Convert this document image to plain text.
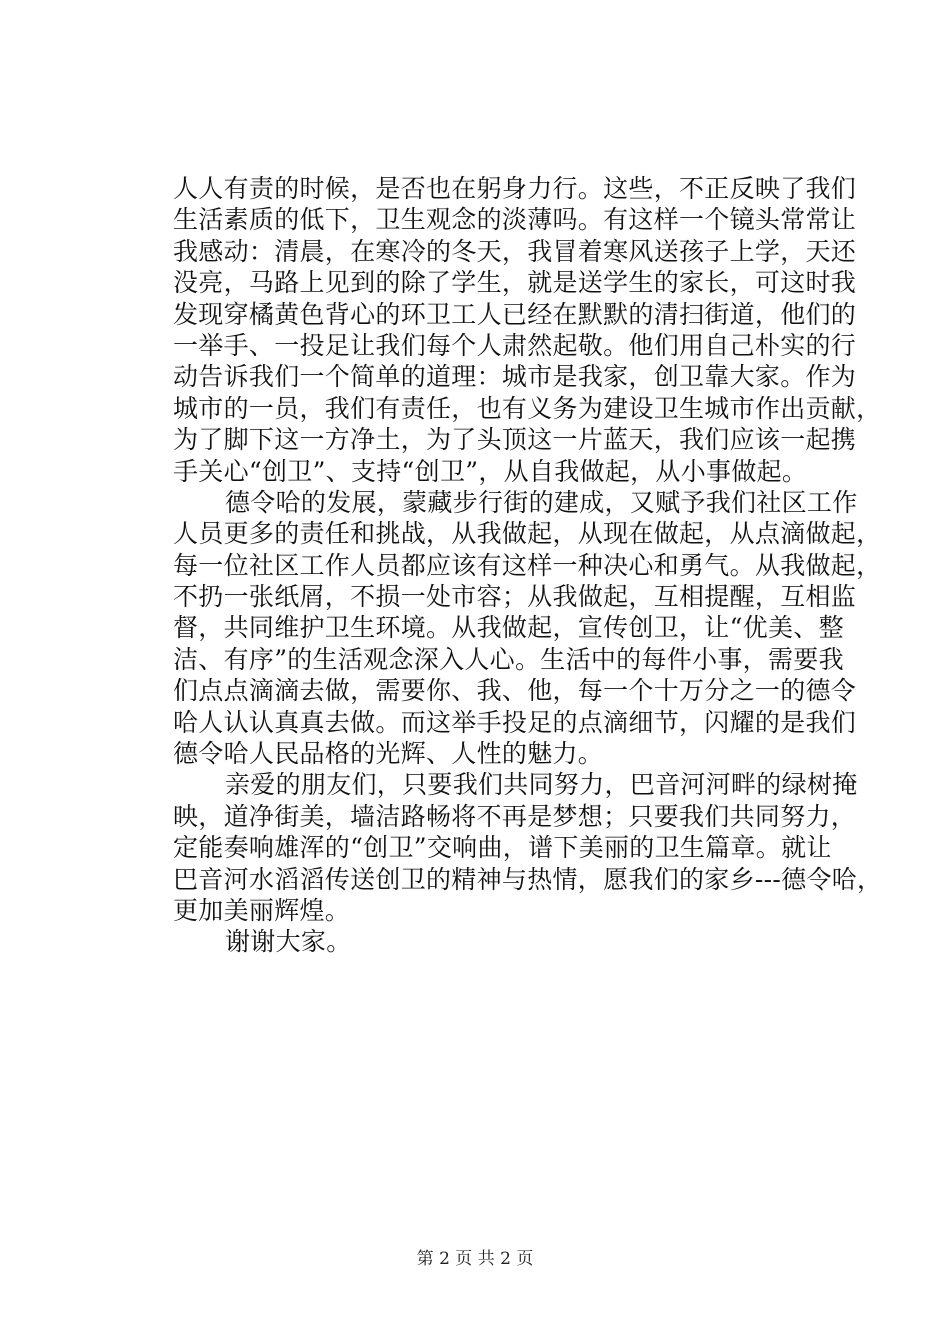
人人有责的时候，是否也在躬身力行。这些，不正反映了我们
生活素质的低下，卫生观念的淡薄吗。有这样一个镜头常常让
我感动：清晨，在寒冷的冬天，我冒着寒风送孩子上学，天还
没亮，马路上见到的除了学生，就是送学生的家长，可这时我
发现穿橘黄色背心的环卫工人已经在默默的清扫街道，他们的
一举手、一投足让我们每个人肃然起敬。他们用自己朴实的行
动告诉我们一个简单的道理：城市是我家，创卫靠大家。作为
城市的一员，我们有责任，也有义务为建设卫生城市作出贡献，
为了脚下这一方净土，为了头顶这一片蓝天，我们应该一起携
手关心“创卫”、支持“创卫”，从自我做起，从小事做起。
德令哈的发展，蒙藏步行街的建成，又赋予我们社区工作
人员更多的责任和挑战，从我做起，从现在做起，从点滴做起，
每一位社区工作人员都应该有这样一种决心和勇气。从我做起，
不扔一张纸屑，不损一处市容；从我做起，互相提醒，互相监
督，共同维护卫生环境。从我做起，宣传创卫，让“优美、整
洁、有序”的生活观念深入人心。生活中的每件小事，需要我
们点点滴滴去做，需要你、我、他，每一个十万分之一的德令
哈人认认真真去做。而这举手投足的点滴细节，闪耀的是我们
德令哈人民品格的光辉、人性的魅力。
亲爱的朋友们，只要我们共同努力，巴音河河畔的绿树掩
映，道净街美，墙洁路畅将不再是梦想；只要我们共同努力，
定能奏响雄浑的“创卫”交响曲，谱下美丽的卫生篇章。就让
巴音河水滔滔传送创卫的精神与热情，愿我们的家乡---德令哈，
更加美丽辉煌。
谢谢大家。
第 2 页 共 2 页
